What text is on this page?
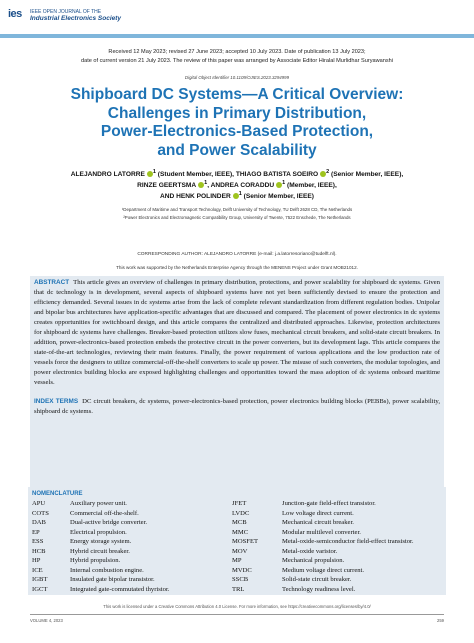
ies IEEE OPEN JOURNAL OF THE
Industrial Electronics Society
Received 12 May 2023; revised 27 June 2023; accepted 10 July 2023. Date of publication 13 July 2023;
date of current version 21 July 2023. The review of this paper was arranged by Associate Editor Hiralal Murlidhar Suryawanshi
Digital Object Identifier 10.1109/OJIES.2023.3294999
Shipboard DC Systems—A Critical Overview:
Challenges in Primary Distribution,
Power-Electronics-Based Protection,
and Power Scalability
ALEJANDRO LATORRE $^1$ (Student Member, IEEE), THIAGO BATISTA SOEIRO $^2$ (Senior Member, IEEE),
RINZE GEERTSMA $^1$, ANDREA CORADDU $^1$ (Member, IEEE),
AND HENK POLINDER $^1$ (Senior Member, IEEE)
¹Department of Maritime and Transport Technology, Delft University of Technology, TU Delft 2628 CD, The Netherlands
²Power Electronics and Electromagnetic Compatibility Group, University of Twente, 7522 Enschede, The Netherlands
CORRESPONDING AUTHOR: ALEJANDRO LATORRE (e-mail: j.a.latorresoriano@tudelft.nl).
This work was supported by the Netherlands Enterprise Agency through the MENENS Project under Grant MOB21012.
ABSTRACT This article gives an overview of challenges in primary distribution, protections, and power scalability for shipboard dc systems. Given that dc technology is in development, several aspects of shipboard systems have not yet been sufficiently devised to ensure the protection and efficiency demanded. Several issues in dc systems arise from the lack of complete relevant standardization from different regulation bodies. Unipolar and bipolar bus architectures have application-specific advantages that are discussed and compared. The placement of power electronics in dc systems creates opportunities for switchboard design, and this article compares the centralized and distributed approaches. Likewise, protection architectures for shipboard dc systems have challenges. Breaker-based protection utilizes slow fuses, mechanical circuit breakers, and solid-state circuit breakers. In addition, power-electronics-based protection embeds the protective circuit in the power converters, but its development lags. This article compares the state-of-the-art technologies, reviewing their main features. Finally, the power requirement of various applications and the low production rate of vessels force the designers to utilize commercial-off-the-shelf converters to scale up power. The misuse of such converters, the modular topologies, and power electronics building blocks are exposed highlighting challenges and opportunities toward the mass adoption of dc systems onboard maritime vessels.
INDEX TERMS DC circuit breakers, dc systems, power-electronics-based protection, power electronics building blocks (PEBBs), power scalability, shipboard dc systems.
NOMENCLATURE
APU	Auxiliary power unit.
COTS	Commercial off-the-shelf.
DAB	Dual-active bridge converter.
EP	Electrical propulsion.
ESS	Energy storage system.
HCB	Hybrid circuit breaker.
HP	Hybrid propulsion.
ICE	Internal combustion engine.
IGBT	Insulated gate bipolar transistor.
IGCT	Integrated gate-commutated thyristor.
JFET	Junction-gate field-effect transistor.
LVDC	Low voltage direct current.
MCB	Mechanical circuit breaker.
MMC	Modular multilevel converter.
MOSFET	Metal-oxide-semiconductor field-effect transistor.
MOV	Metal-oxide varistor.
MP	Mechanical propulsion.
MVDC	Medium voltage direct current.
SSCB	Solid-state circuit breaker.
TRL	Technology readiness level.
This work is licensed under a Creative Commons Attribution 4.0 License. For more information, see https://creativecommons.org/licenses/by/4.0/
VOLUME 4, 2023	259
